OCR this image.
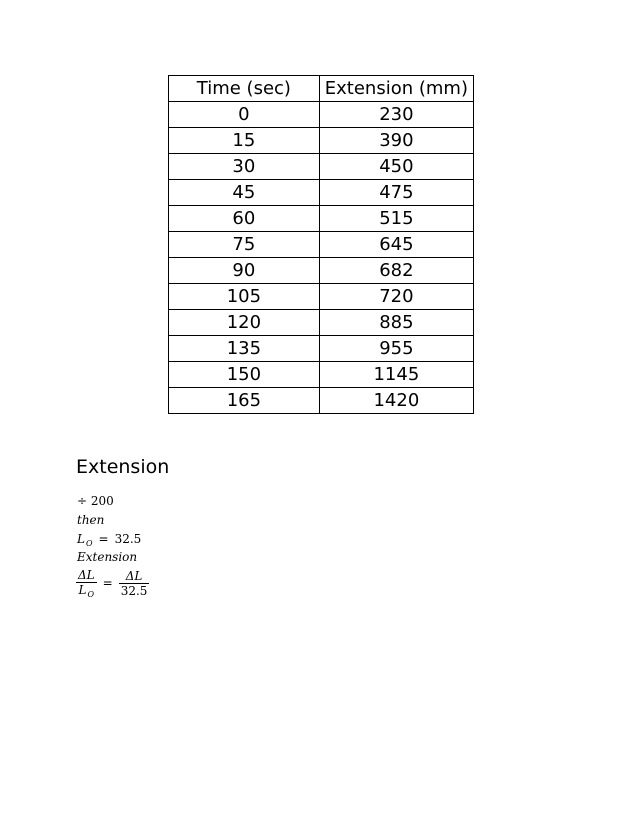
Time (sec)	Extension (mm)
0	230
15	390
30	450
45	475
60	515
75	645
90	682
105	720
120	885
135	955
150	1145
165	1420
Extension
÷ 200
then
$L_O = 32.5$
Extension
$\frac{\Delta L}{L_O} = \frac{\Delta L}{32.5}$
